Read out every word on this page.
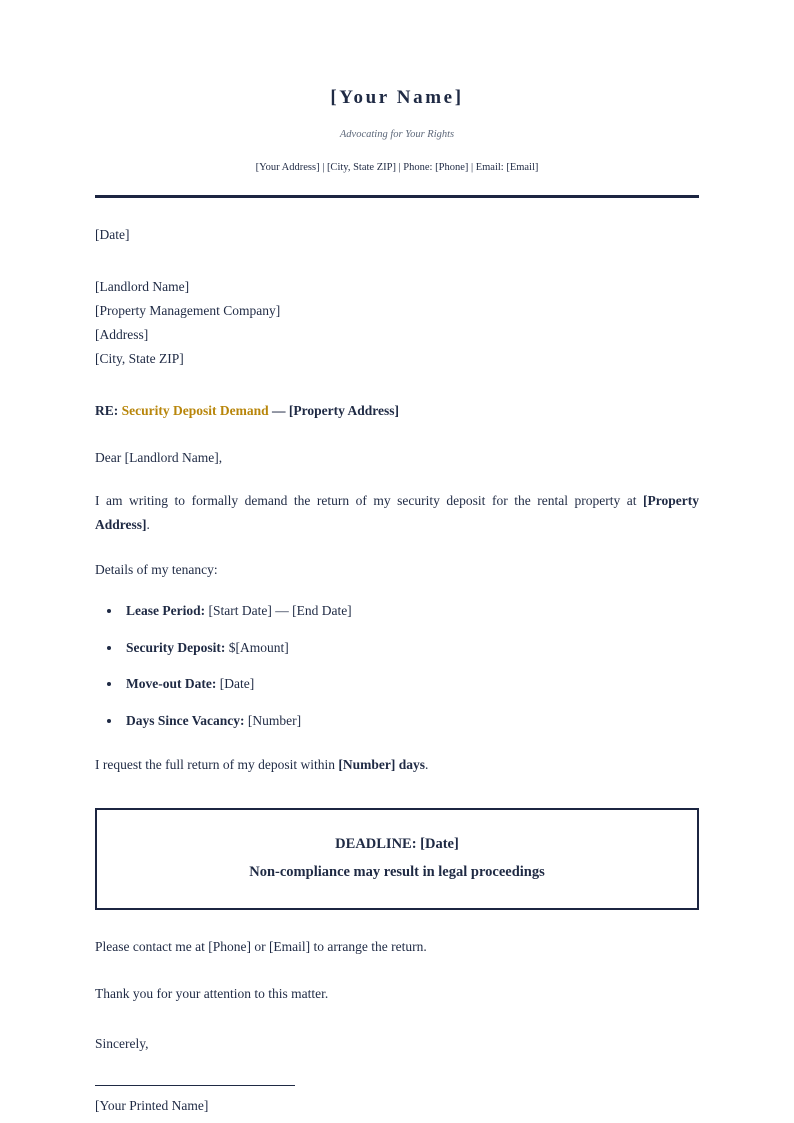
[Your Name]

Advocating for Your Rights

[Your Address] | [City, State ZIP] | Phone: [Phone] | Email: [Email]

[Date]

[Landlord Name]
[Property Management Company]
[Address]
[City, State ZIP]

RE: Security Deposit Demand — [Property Address]

Dear [Landlord Name],

I am writing to formally demand the return of my security deposit for the rental property at [Property Address].

Details of my tenancy:

• Lease Period: [Start Date] — [End Date]
• Security Deposit: $[Amount]
• Move-out Date: [Date]
• Days Since Vacancy: [Number]

I request the full return of my deposit within [Number] days.

DEADLINE: [Date]

Non-compliance may result in legal proceedings

Please contact me at [Phone] or [Email] to arrange the return.

Thank you for your attention to this matter.

Sincerely,

[Your Printed Name]
